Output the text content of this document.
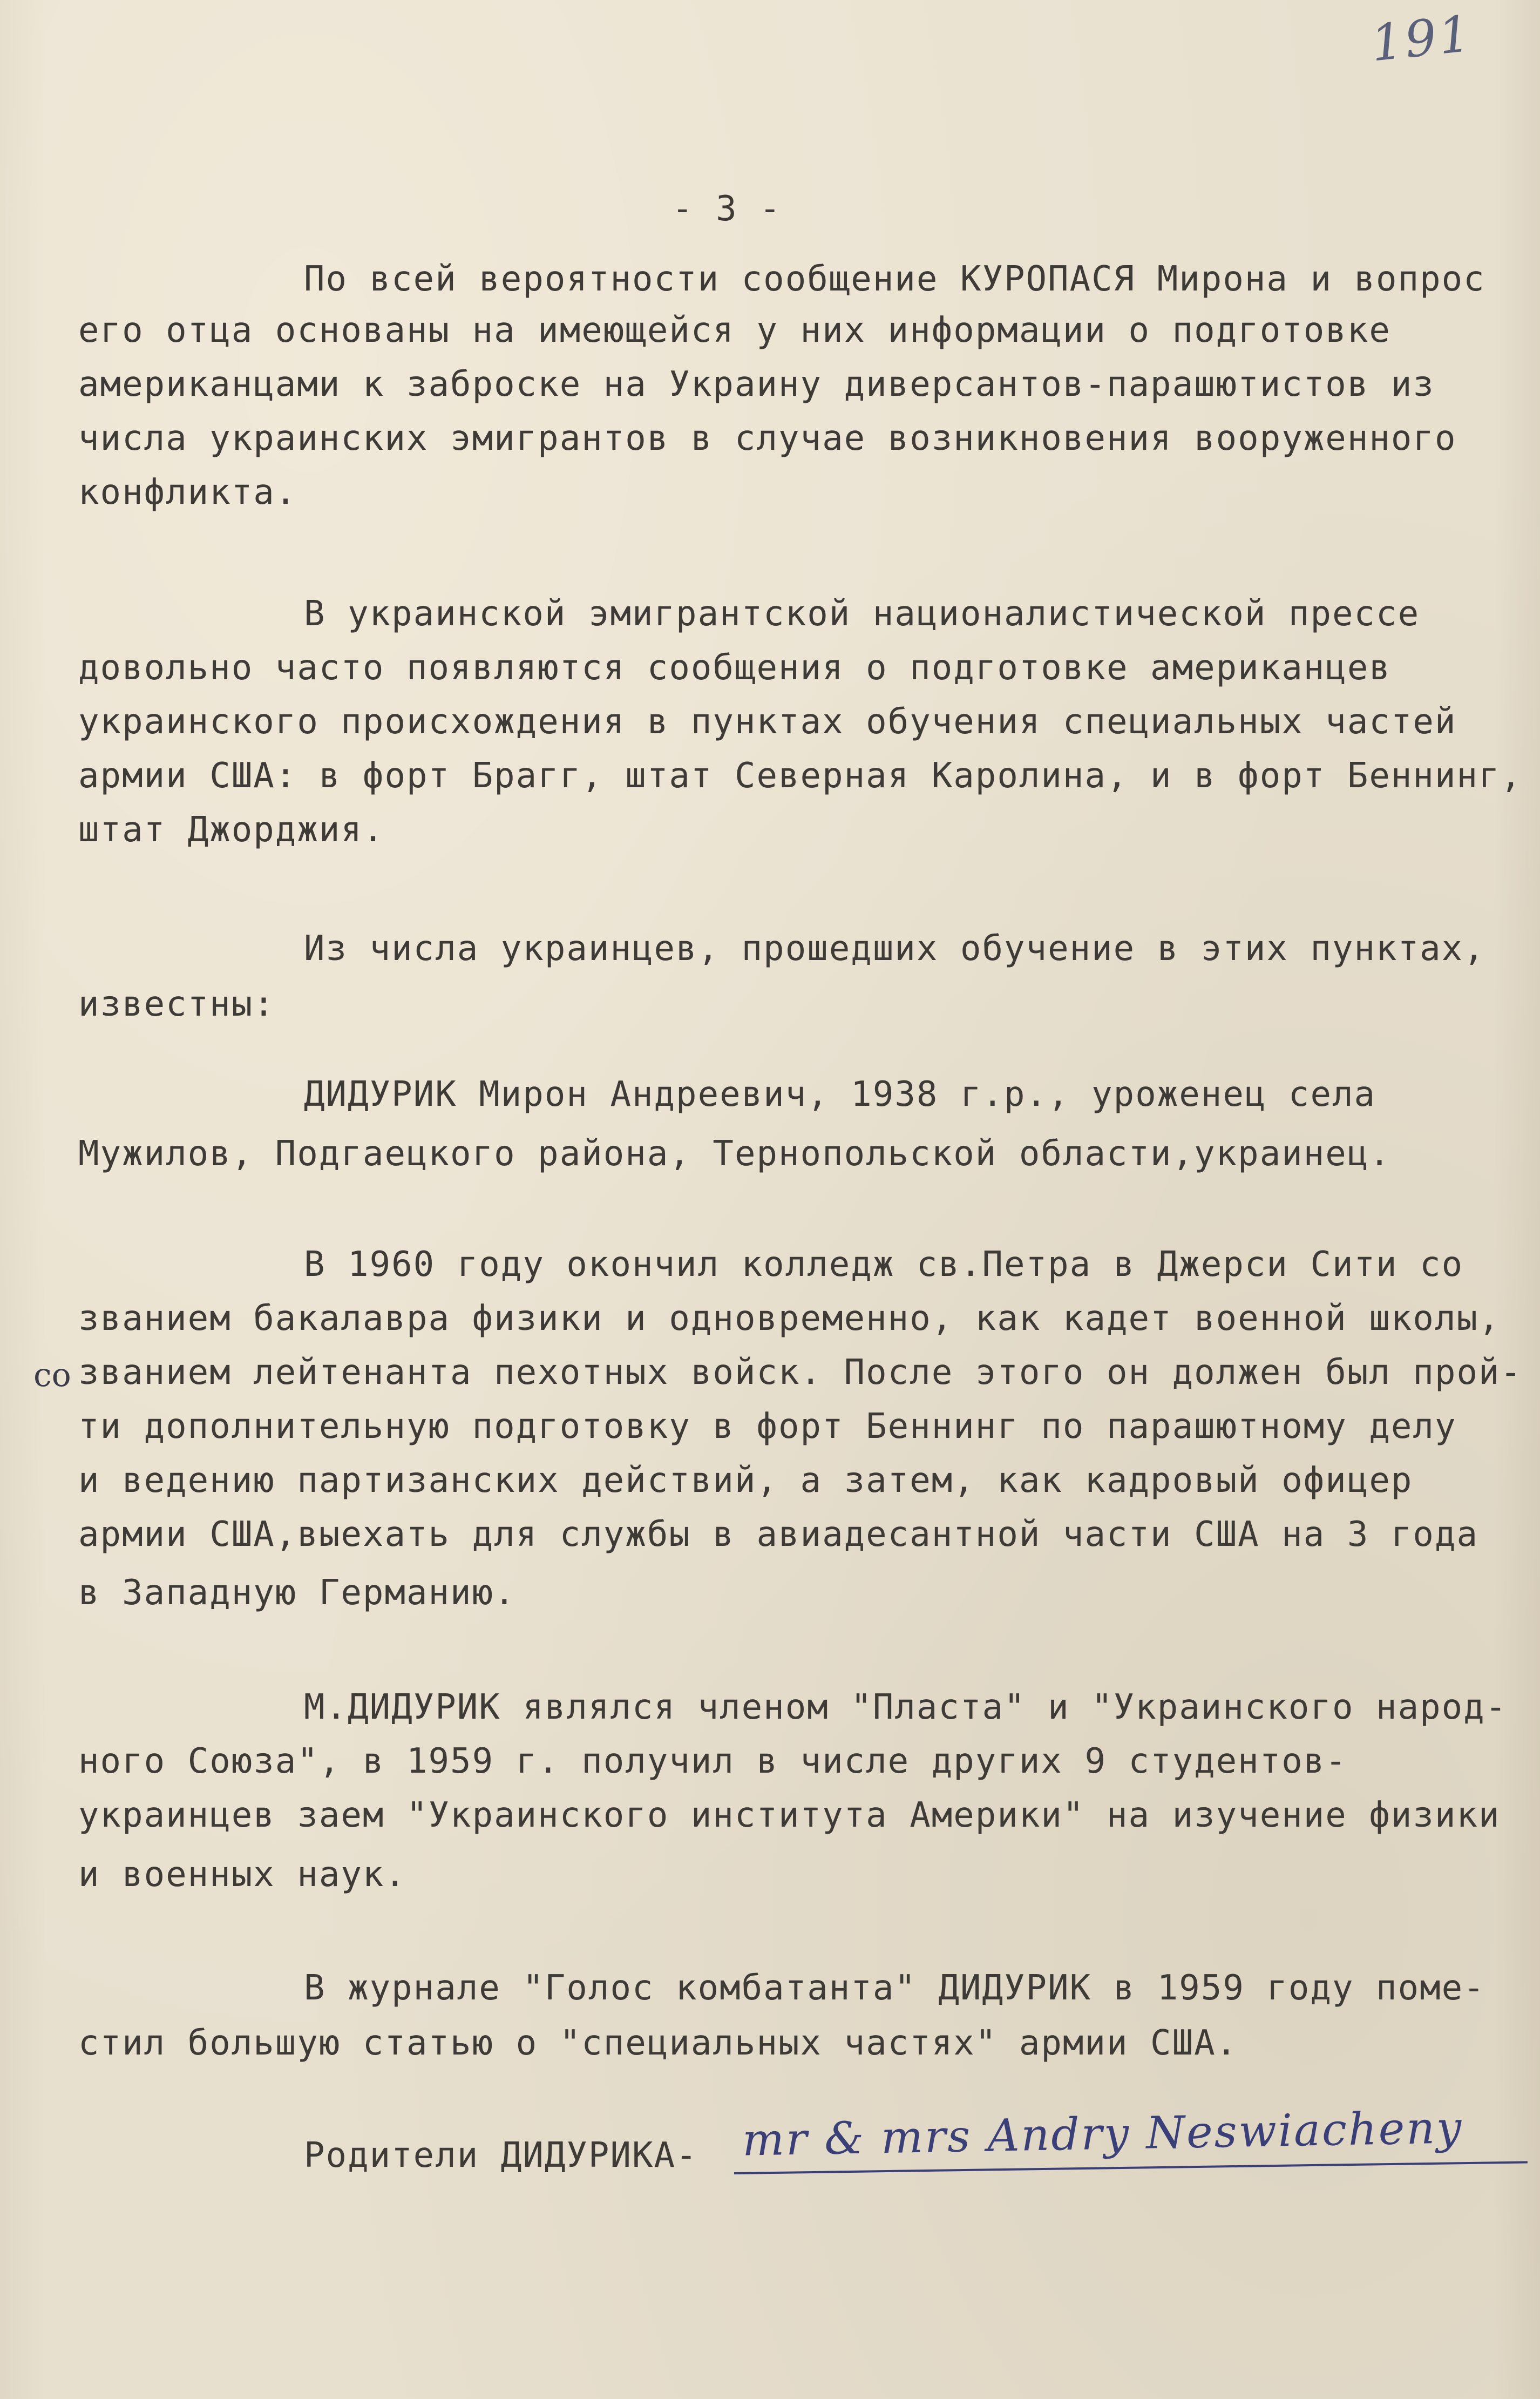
191
- 3 -
со
По всей вероятности сообщение КУРОПАСЯ Мирона и вопрос
его отца основаны на имеющейся у них информации о подготовке
американцами к заброске на Украину диверсантов-парашютистов из
числа украинских эмигрантов в случае возникновения вооруженного
конфликта.
В украинской эмигрантской националистической прессе
довольно часто появляются сообщения о подготовке американцев
украинского происхождения в пунктах обучения специальных частей
армии США: в форт Брагг, штат Северная Каролина, и в форт Беннинг,
штат Джорджия.
Из числа украинцев, прошедших обучение в этих пунктах,
известны:
ДИДУРИК Мирон Андреевич, 1938 г.р., уроженец села
Мужилов, Подгаецкого района, Тернопольской области,украинец.
В 1960 году окончил колледж св.Петра в Джерси Сити со
званием бакалавра физики и одновременно, как кадет военной школы,
званием лейтенанта пехотных войск. После этого он должен был прой-
ти дополнительную подготовку в форт Беннинг по парашютному делу
и ведению партизанских действий, а затем, как кадровый офицер
армии США,выехать для службы в авиадесантной части США на 3 года
в Западную Германию.
М.ДИДУРИК являлся членом "Пласта" и "Украинского народ-
ного Союза", в 1959 г. получил в числе других 9 студентов-
украинцев заем "Украинского института Америки" на изучение физики
и военных наук.
В журнале "Голос комбатанта" ДИДУРИК в 1959 году поме-
стил большую статью о "специальных частях" армии США.
Родители ДИДУРИКА- mr & mrs Andry Neswiacheny
